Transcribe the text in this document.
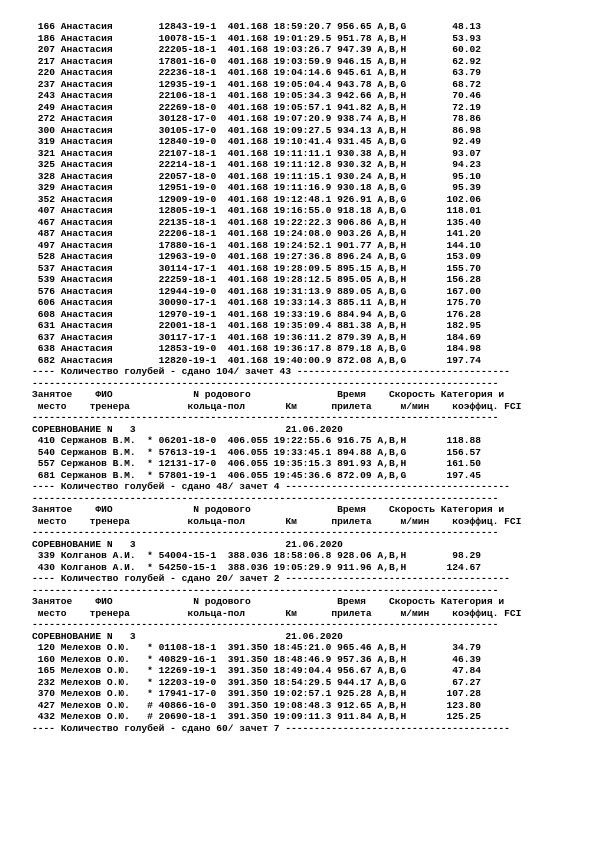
166 Анастасия        12843-19-1  401.168 18:59:20.7 956.65 A,B,G        48.13
186 Анастасия        10078-15-1  401.168 19:01:29.5 951.78 A,B,H        53.93
207 Анастасия        22205-18-1  401.168 19:03:26.7 947.39 A,B,H        60.02
217 Анастасия        17801-16-0  401.168 19:03:59.9 946.15 A,B,H        62.92
220 Анастасия        22236-18-1  401.168 19:04:14.6 945.61 A,B,H        63.79
237 Анастасия        12935-19-1  401.168 19:05:04.4 943.78 A,B,G        68.72
243 Анастасия        22106-18-1  401.168 19:05:34.3 942.66 A,B,H        70.46
249 Анастасия        22269-18-0  401.168 19:05:57.1 941.82 A,B,H        72.19
272 Анастасия        30128-17-0  401.168 19:07:20.9 938.74 A,B,H        78.86
300 Анастасия        30105-17-0  401.168 19:09:27.5 934.13 A,B,H        86.98
319 Анастасия        12840-19-0  401.168 19:10:41.4 931.45 A,B,G        92.49
321 Анастасия        22107-18-1  401.168 19:11:11.1 930.38 A,B,H        93.07
325 Анастасия        22214-18-1  401.168 19:11:12.8 930.32 A,B,H        94.23
328 Анастасия        22057-18-0  401.168 19:11:15.1 930.24 A,B,H        95.10
329 Анастасия        12951-19-0  401.168 19:11:16.9 930.18 A,B,G        95.39
352 Анастасия        12909-19-0  401.168 19:12:48.1 926.91 A,B,G       102.06
407 Анастасия        12805-19-1  401.168 19:16:55.0 918.18 A,B,G       118.01
467 Анастасия        22135-18-1  401.168 19:22:22.3 906.86 A,B,H       135.40
487 Анастасия        22206-18-1  401.168 19:24:08.0 903.26 A,B,H       141.20
497 Анастасия        17880-16-1  401.168 19:24:52.1 901.77 A,B,H       144.10
528 Анастасия        12963-19-0  401.168 19:27:36.8 896.24 A,B,G       153.09
537 Анастасия        30114-17-1  401.168 19:28:09.5 895.15 A,B,H       155.70
539 Анастасия        22259-18-1  401.168 19:28:12.5 895.05 A,B,H       156.28
576 Анастасия        12944-19-0  401.168 19:31:13.9 889.05 A,B,G       167.00
606 Анастасия        30090-17-1  401.168 19:33:14.3 885.11 A,B,H       175.70
608 Анастасия        12970-19-1  401.168 19:33:19.6 884.94 A,B,G       176.28
631 Анастасия        22001-18-1  401.168 19:35:09.4 881.38 A,B,H       182.95
637 Анастасия        30117-17-1  401.168 19:36:11.2 879.39 A,B,H       184.69
638 Анастасия        12853-19-0  401.168 19:36:17.8 879.18 A,B,G       184.98
682 Анастасия        12820-19-1  401.168 19:40:00.9 872.08 A,B,G       197.74
---- Количество голубей - сдано 104/ зачет 43 -------------------------------------
---------------------------------------------------------------------------------
Занятое    ФИО              N родового               Время    Скорость Категория и
место    тренера          кольца-пол       Км      прилета     м/мин    коэффиц. FCI
---------------------------------------------------------------------------------
СОРЕВНОВАНИЕ N   3                          21.06.2020
410 Сержанов В.М.  * 06201-18-0  406.055 19:22:55.6 916.75 A,B,H       118.88
540 Сержанов В.М.  * 57613-19-1  406.055 19:33:45.1 894.88 A,B,G       156.57
557 Сержанов В.М.  * 12131-17-0  406.055 19:35:15.3 891.93 A,B,H       161.50
681 Сержанов В.М.  * 57801-19-1  406.055 19:45:36.6 872.09 A,B,G       197.45
---- Количество голубей - сдано 48/ зачет 4 ---------------------------------------
---------------------------------------------------------------------------------
Занятое    ФИО              N родового               Время    Скорость Категория и
место    тренера          кольца-пол       Км      прилета     м/мин    коэффиц. FCI
---------------------------------------------------------------------------------
СОРЕВНОВАНИЕ N   3                          21.06.2020
339 Колганов А.И.  * 54004-15-1  388.036 18:58:06.8 928.06 A,B,H        98.29
430 Колганов А.И.  * 54250-15-1  388.036 19:05:29.9 911.96 A,B,H       124.67
---- Количество голубей - сдано 20/ зачет 2 ---------------------------------------
---------------------------------------------------------------------------------
Занятое    ФИО              N родового               Время    Скорость Категория и
место    тренера          кольца-пол       Км      прилета     м/мин    коэффиц. FCI
---------------------------------------------------------------------------------
СОРЕВНОВАНИЕ N   3                          21.06.2020
120 Мелехов О.Ю.   * 01108-18-1  391.350 18:45:21.0 965.46 A,B,H        34.79
160 Мелехов О.Ю.   * 40829-16-1  391.350 18:48:46.9 957.36 A,B,H        46.39
165 Мелехов О.Ю.   * 12269-19-1  391.350 18:49:04.4 956.67 A,B,G        47.84
232 Мелехов О.Ю.   * 12203-19-0  391.350 18:54:29.5 944.17 A,B,G        67.27
370 Мелехов О.Ю.   * 17941-17-0  391.350 19:02:57.1 925.28 A,B,H       107.28
427 Мелехов О.Ю.   # 40866-16-0  391.350 19:08:48.3 912.65 A,B,H       123.80
432 Мелехов О.Ю.   # 20690-18-1  391.350 19:09:11.3 911.84 A,B,H       125.25
---- Количество голубей - сдано 60/ зачет 7 ---------------------------------------
